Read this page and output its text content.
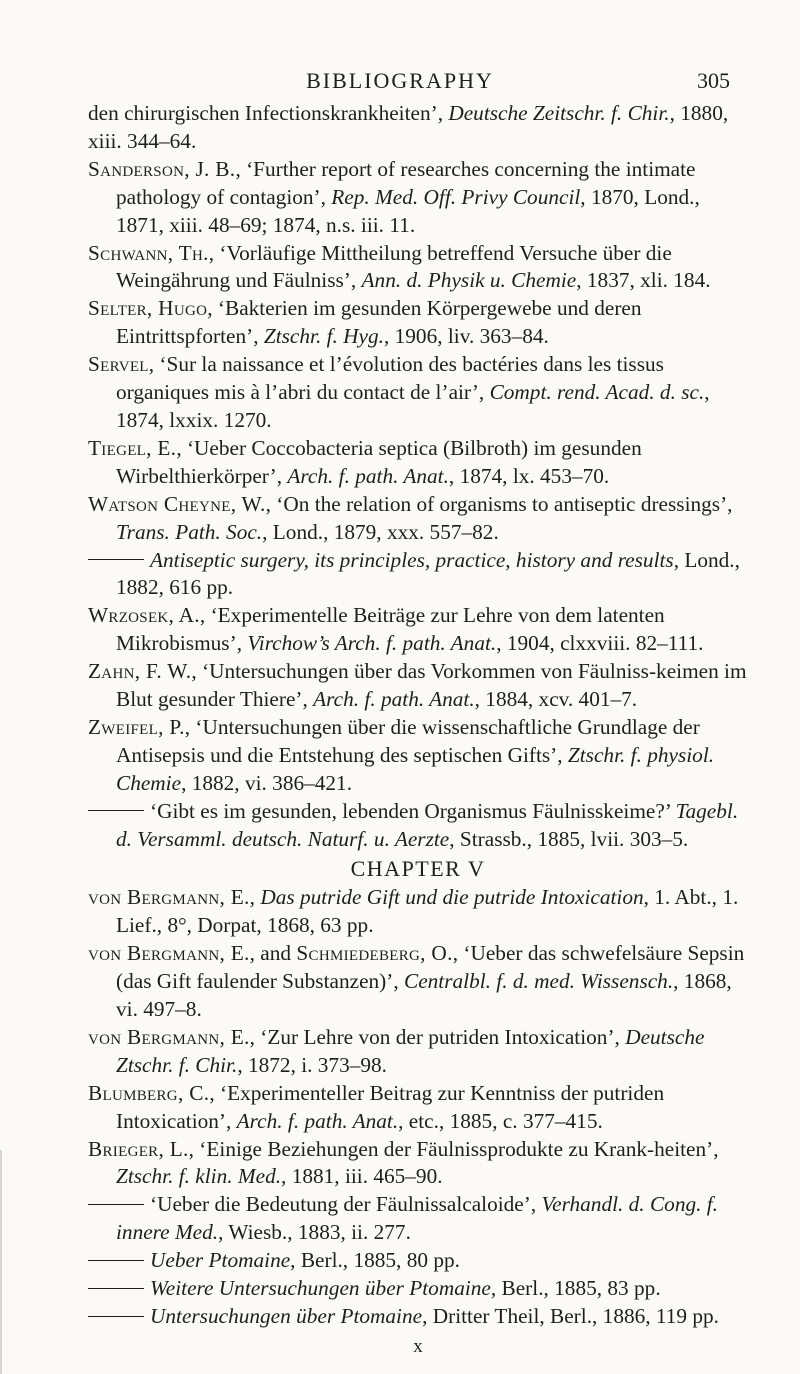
BIBLIOGRAPHY	305

den chirurgischen Infectionskrankheiten’, Deutsche Zeitschr. f. Chir., 1880, xiii. 344–64.

Sanderson, J. B., ‘Further report of researches concerning the intimate pathology of contagion’, Rep. Med. Off. Privy Council, 1870, Lond., 1871, xiii. 48–69; 1874, n.s. iii. 11.

Schwann, Th., ‘Vorläufige Mittheilung betreffend Versuche über die Weingährung und Fäulniss’, Ann. d. Physik u. Chemie, 1837, xli. 184.

Selter, Hugo, ‘Bakterien im gesunden Körpergewebe und deren Eintrittspforten’, Ztschr. f. Hyg., 1906, liv. 363–84.

Servel, ‘Sur la naissance et l’évolution des bactéries dans les tissus organiques mis à l’abri du contact de l’air’, Compt. rend. Acad. d. sc., 1874, lxxix. 1270.

Tiegel, E., ‘Ueber Coccobacteria septica (Bilbroth) im gesunden Wirbelthierkörper’, Arch. f. path. Anat., 1874, lx. 453–70.

Watson Cheyne, W., ‘On the relation of organisms to antiseptic dressings’, Trans. Path. Soc., Lond., 1879, xxx. 557–82.

Antiseptic surgery, its principles, practice, history and results, Lond., 1882, 616 pp.

Wrzosek, A., ‘Experimentelle Beiträge zur Lehre von dem latenten Mikrobismus’, Virchow’s Arch. f. path. Anat., 1904, clxxviii. 82–111.

Zahn, F. W., ‘Untersuchungen über das Vorkommen von Fäulniss-keimen im Blut gesunder Thiere’, Arch. f. path. Anat., 1884, xcv. 401–7.

Zweifel, P., ‘Untersuchungen über die wissenschaftliche Grundlage der Antisepsis und die Entstehung des septischen Gifts’, Ztschr. f. physiol. Chemie, 1882, vi. 386–421.

‘Gibt es im gesunden, lebenden Organismus Fäulnisskeime?’ Tagebl. d. Versamml. deutsch. Naturf. u. Aerzte, Strassb., 1885, lvii. 303–5.

CHAPTER V

von Bergmann, E., Das putride Gift und die putride Intoxication, 1. Abt., 1. Lief., 8°, Dorpat, 1868, 63 pp.

von Bergmann, E., and Schmiedeberg, O., ‘Ueber das schwefelsäure Sepsin (das Gift faulender Substanzen)’, Centralbl. f. d. med. Wissensch., 1868, vi. 497–8.

von Bergmann, E., ‘Zur Lehre von der putriden Intoxication’, Deutsche Ztschr. f. Chir., 1872, i. 373–98.

Blumberg, C., ‘Experimenteller Beitrag zur Kenntniss der putriden Intoxication’, Arch. f. path. Anat., etc., 1885, c. 377–415.

Brieger, L., ‘Einige Beziehungen der Fäulnissprodukte zu Krank-heiten’, Ztschr. f. klin. Med., 1881, iii. 465–90.

‘Ueber die Bedeutung der Fäulnissalcaloide’, Verhandl. d. Cong. f. innere Med., Wiesb., 1883, ii. 277.

Ueber Ptomaine, Berl., 1885, 80 pp.

Weitere Untersuchungen über Ptomaine, Berl., 1885, 83 pp.

Untersuchungen über Ptomaine, Dritter Theil, Berl., 1886, 119 pp.

x
